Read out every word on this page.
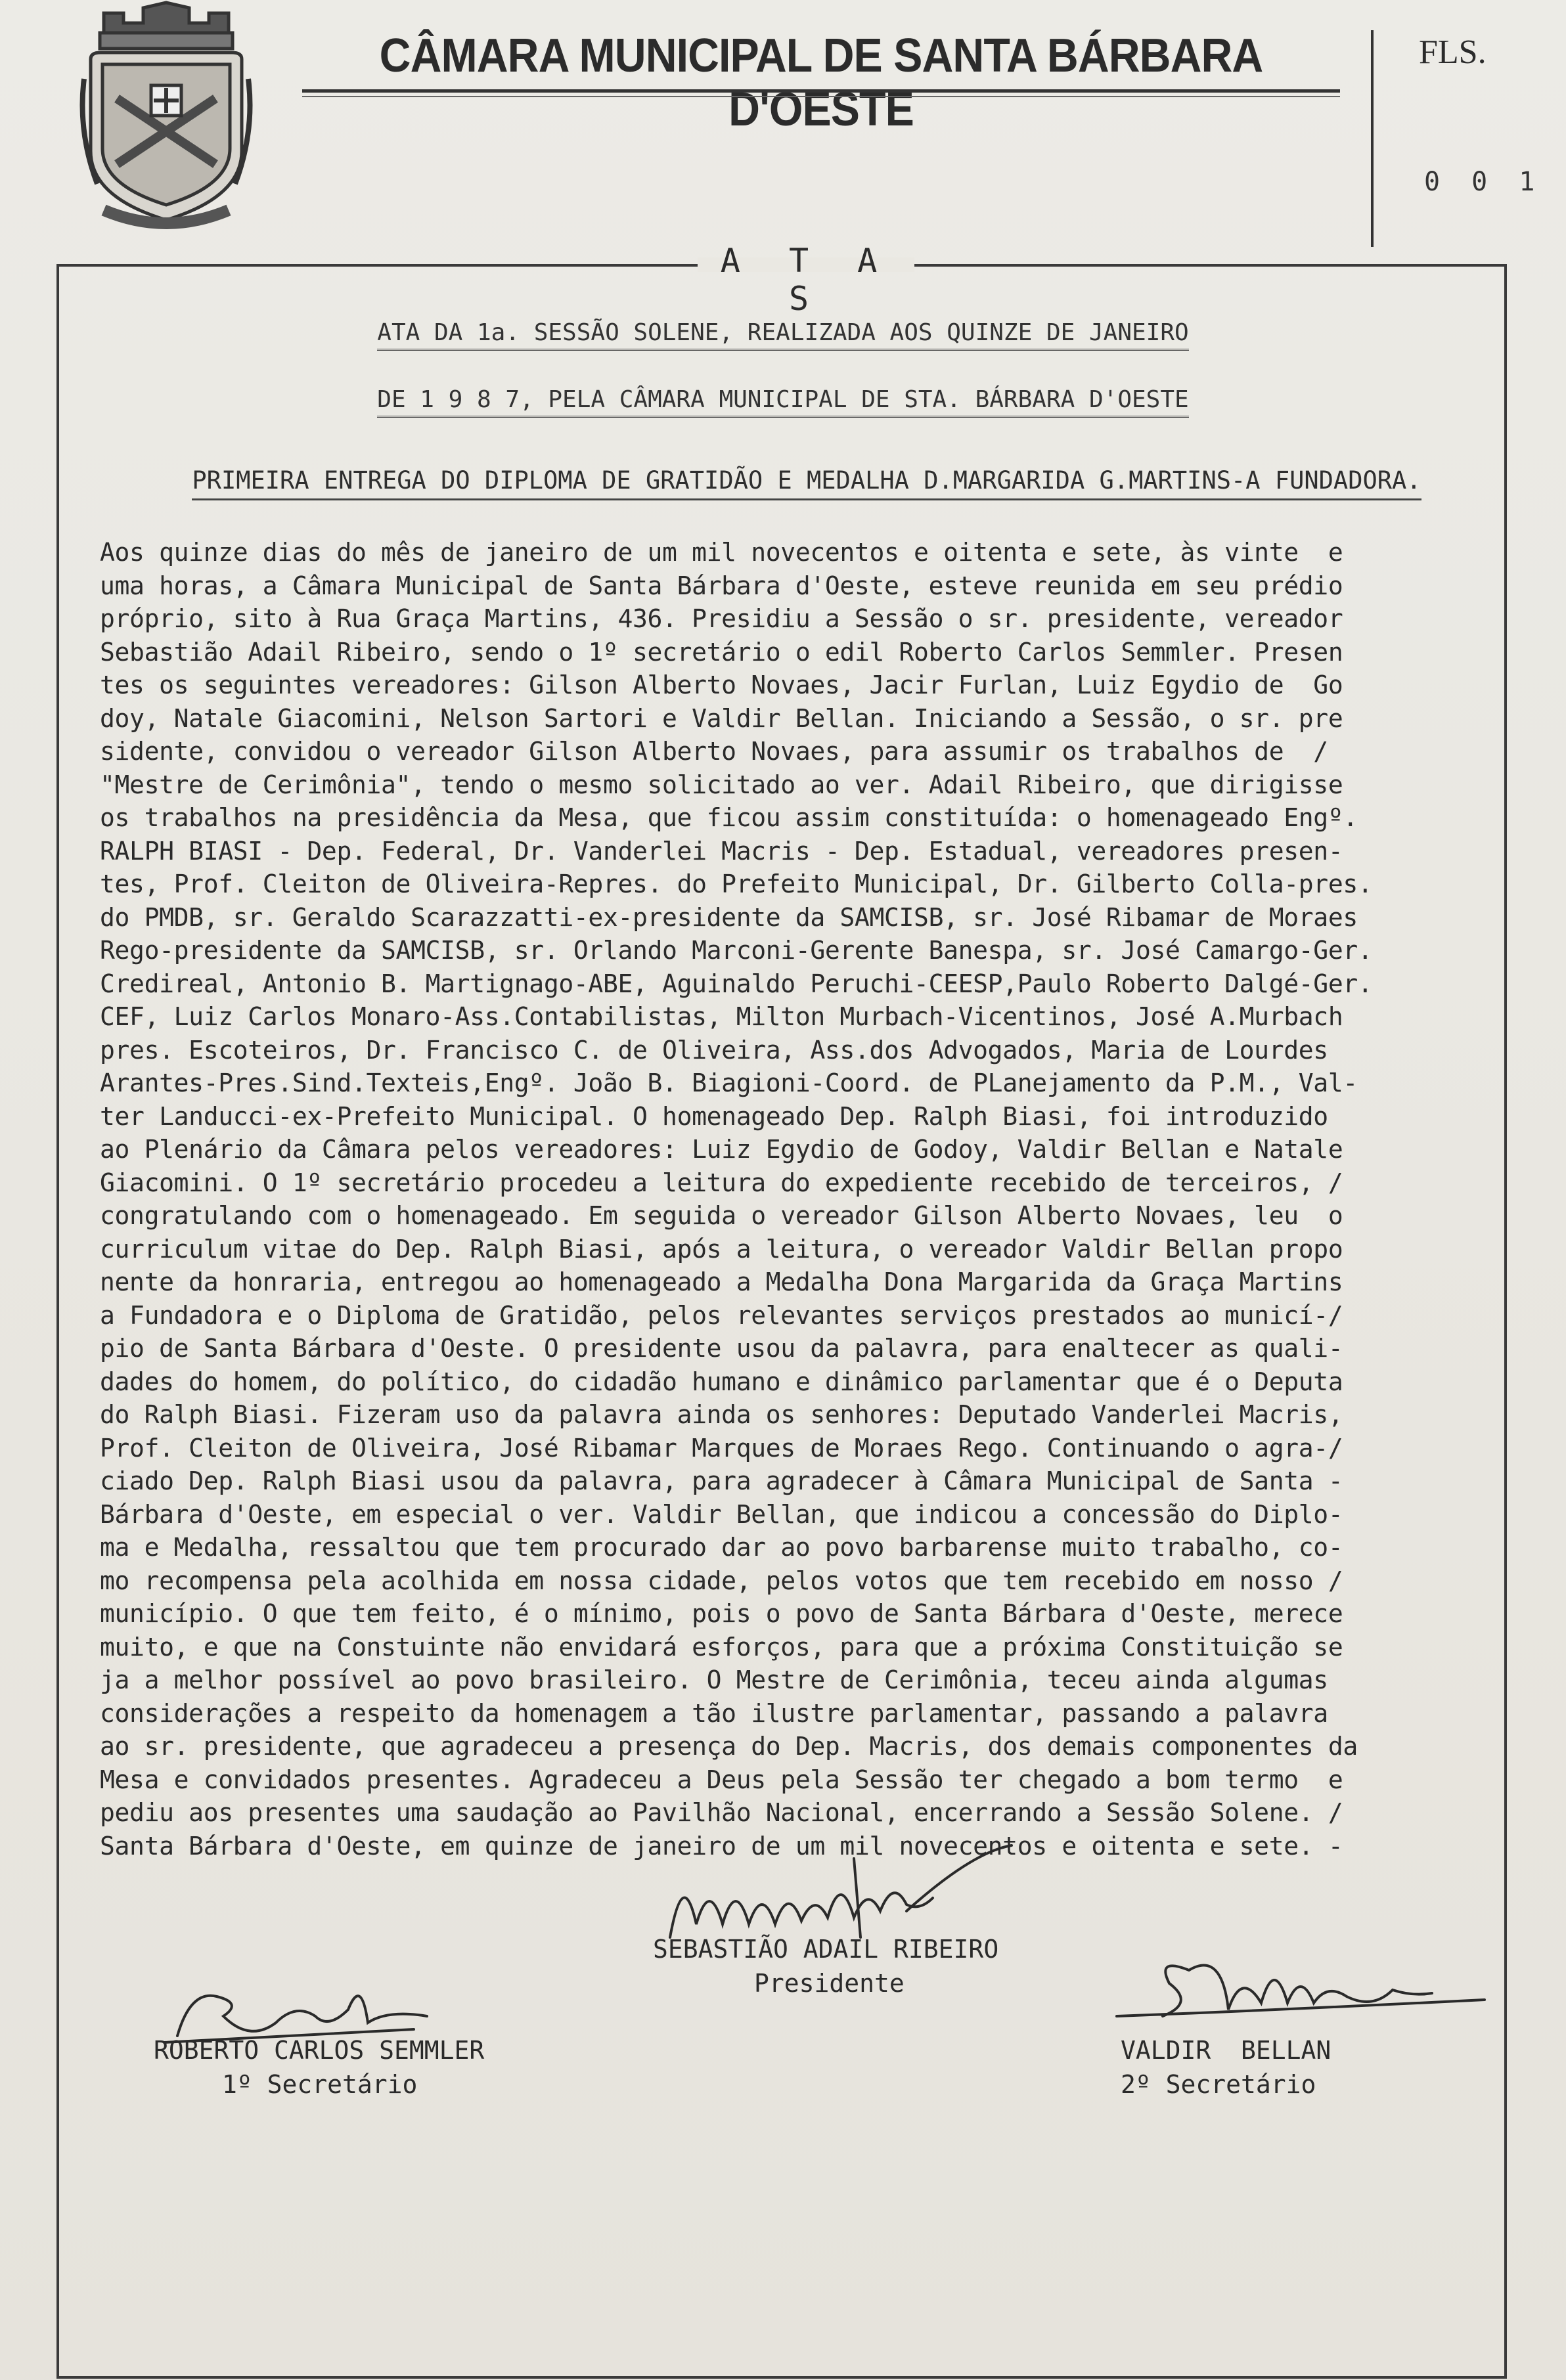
CÂMARA MUNICIPAL DE SANTA BÁRBARA D'OESTE
FLS.
0 0 1
A T A S
ATA DA 1a. SESSÃO SOLENE, REALIZADA AOS QUINZE DE JANEIRO
DE 1 9 8 7, PELA CÂMARA MUNICIPAL DE STA. BÁRBARA D'OESTE
PRIMEIRA ENTREGA DO DIPLOMA DE GRATIDÃO E MEDALHA D.MARGARIDA G.MARTINS-A FUNDADORA.
Aos quinze dias do mês de janeiro de um mil novecentos e oitenta e sete, às vinte  e
uma horas, a Câmara Municipal de Santa Bárbara d'Oeste, esteve reunida em seu prédio
próprio, sito à Rua Graça Martins, 436. Presidiu a Sessão o sr. presidente, vereador
Sebastião Adail Ribeiro, sendo o 1º secretário o edil Roberto Carlos Semmler. Presen
tes os seguintes vereadores: Gilson Alberto Novaes, Jacir Furlan, Luiz Egydio de  Go
doy, Natale Giacomini, Nelson Sartori e Valdir Bellan. Iniciando a Sessão, o sr. pre
sidente, convidou o vereador Gilson Alberto Novaes, para assumir os trabalhos de  /
"Mestre de Cerimônia", tendo o mesmo solicitado ao ver. Adail Ribeiro, que dirigisse
os trabalhos na presidência da Mesa, que ficou assim constituída: o homenageado Engº.
RALPH BIASI - Dep. Federal, Dr. Vanderlei Macris - Dep. Estadual, vereadores presen-
tes, Prof. Cleiton de Oliveira-Repres. do Prefeito Municipal, Dr. Gilberto Colla-pres.
do PMDB, sr. Geraldo Scarazzatti-ex-presidente da SAMCISB, sr. José Ribamar de Moraes
Rego-presidente da SAMCISB, sr. Orlando Marconi-Gerente Banespa, sr. José Camargo-Ger.
Credireal, Antonio B. Martignago-ABE, Aguinaldo Peruchi-CEESP,Paulo Roberto Dalgé-Ger.
CEF, Luiz Carlos Monaro-Ass.Contabilistas, Milton Murbach-Vicentinos, José A.Murbach
pres. Escoteiros, Dr. Francisco C. de Oliveira, Ass.dos Advogados, Maria de Lourdes
Arantes-Pres.Sind.Texteis,Engº. João B. Biagioni-Coord. de PLanejamento da P.M., Val-
ter Landucci-ex-Prefeito Municipal. O homenageado Dep. Ralph Biasi, foi introduzido
ao Plenário da Câmara pelos vereadores: Luiz Egydio de Godoy, Valdir Bellan e Natale
Giacomini. O 1º secretário procedeu a leitura do expediente recebido de terceiros, /
congratulando com o homenageado. Em seguida o vereador Gilson Alberto Novaes, leu  o
curriculum vitae do Dep. Ralph Biasi, após a leitura, o vereador Valdir Bellan propo
nente da honraria, entregou ao homenageado a Medalha Dona Margarida da Graça Martins
a Fundadora e o Diploma de Gratidão, pelos relevantes serviços prestados ao municí-/
pio de Santa Bárbara d'Oeste. O presidente usou da palavra, para enaltecer as quali-
dades do homem, do político, do cidadão humano e dinâmico parlamentar que é o Deputa
do Ralph Biasi. Fizeram uso da palavra ainda os senhores: Deputado Vanderlei Macris,
Prof. Cleiton de Oliveira, José Ribamar Marques de Moraes Rego. Continuando o agra-/
ciado Dep. Ralph Biasi usou da palavra, para agradecer à Câmara Municipal de Santa -
Bárbara d'Oeste, em especial o ver. Valdir Bellan, que indicou a concessão do Diplo-
ma e Medalha, ressaltou que tem procurado dar ao povo barbarense muito trabalho, co-
mo recompensa pela acolhida em nossa cidade, pelos votos que tem recebido em nosso /
município. O que tem feito, é o mínimo, pois o povo de Santa Bárbara d'Oeste, merece
muito, e que na Constuinte não envidará esforços, para que a próxima Constituição se
ja a melhor possível ao povo brasileiro. O Mestre de Cerimônia, teceu ainda algumas
considerações a respeito da homenagem a tão ilustre parlamentar, passando a palavra
ao sr. presidente, que agradeceu a presença do Dep. Macris, dos demais componentes da
Mesa e convidados presentes. Agradeceu a Deus pela Sessão ter chegado a bom termo  e
pediu aos presentes uma saudação ao Pavilhão Nacional, encerrando a Sessão Solene. /
Santa Bárbara d'Oeste, em quinze de janeiro de um mil novecentos e oitenta e sete. -
SEBASTIÃO ADAIL RIBEIRO
Presidente
ROBERTO CARLOS SEMMLER
1º Secretário
VALDIR  BELLAN
2º Secretário
